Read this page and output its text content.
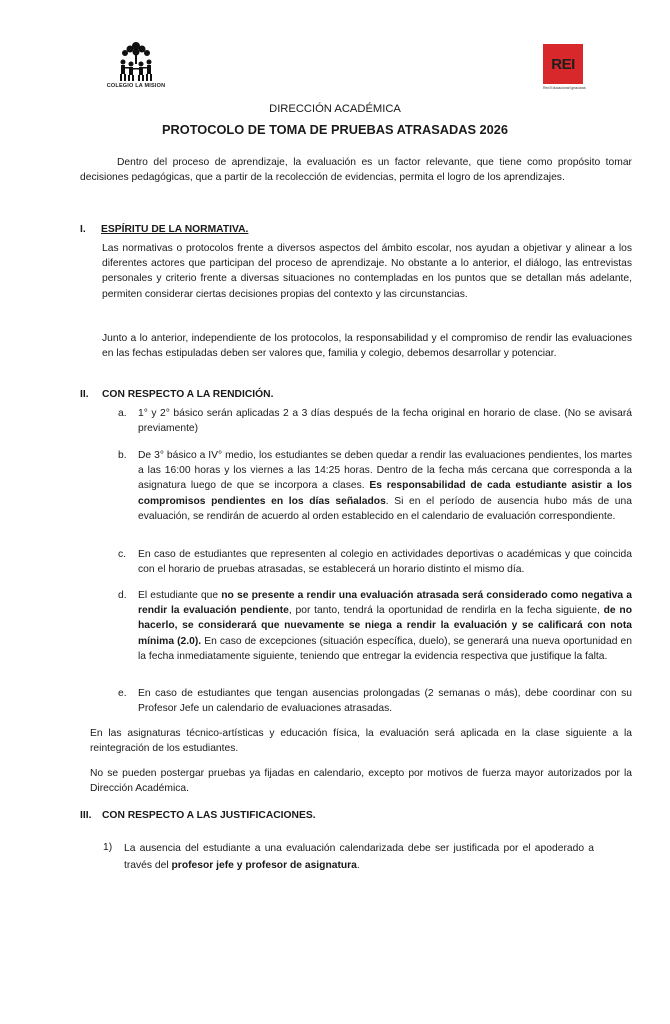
COLEGIO LA MISION
REI
Red Educacional Ignaciana
DIRECCIÓN ACADÉMICA
PROTOCOLO DE TOMA DE PRUEBAS ATRASADAS 2026

Dentro del proceso de aprendizaje, la evaluación es un factor relevante, que tiene como propósito tomar decisiones pedagógicas, que a partir de la recolección de evidencias, permita el logro de los aprendizajes.

I. ESPÍRITU DE LA NORMATIVA.

Las normativas o protocolos frente a diversos aspectos del ámbito escolar, nos ayudan a objetivar y alinear a los diferentes actores que participan del proceso de aprendizaje. No obstante a lo anterior, el diálogo, las entrevistas personales y criterio frente a diversas situaciones no contempladas en los puntos que se detallan más adelante, permiten considerar ciertas decisiones propias del contexto y las circunstancias.

Junto a lo anterior, independiente de los protocolos, la responsabilidad y el compromiso de rendir las evaluaciones en las fechas estipuladas deben ser valores que, familia y colegio, debemos desarrollar y potenciar.

II. CON RESPECTO A LA RENDICIÓN.
a. 1° y 2° básico serán aplicadas 2 a 3 días después de la fecha original en horario de clase. (No se avisará previamente)
b. De 3° básico a IV° medio, los estudiantes se deben quedar a rendir las evaluaciones pendientes, los martes a las 16:00 horas y los viernes a las 14:25 horas. Dentro de la fecha más cercana que corresponda a la asignatura luego de que se incorpora a clases. Es responsabilidad de cada estudiante asistir a los compromisos pendientes en los días señalados. Si en el período de ausencia hubo más de una evaluación, se rendirán de acuerdo al orden establecido en el calendario de evaluación correspondiente.
c. En caso de estudiantes que representen al colegio en actividades deportivas o académicas y que coincida con el horario de pruebas atrasadas, se establecerá un horario distinto el mismo día.
d. El estudiante que no se presente a rendir una evaluación atrasada será considerado como negativa a rendir la evaluación pendiente, por tanto, tendrá la oportunidad de rendirla en la fecha siguiente, de no hacerlo, se considerará que nuevamente se niega a rendir la evaluación y se calificará con nota mínima (2.0). En caso de excepciones (situación específica, duelo), se generará una nueva oportunidad en la fecha inmediatamente siguiente, teniendo que entregar la evidencia respectiva que justifique la falta.
e. En caso de estudiantes que tengan ausencias prolongadas (2 semanas o más), debe coordinar con su Profesor Jefe un calendario de evaluaciones atrasadas.

En las asignaturas técnico-artísticas y educación física, la evaluación será aplicada en la clase siguiente a la reintegración de los estudiantes.

No se pueden postergar pruebas ya fijadas en calendario, excepto por motivos de fuerza mayor autorizados por la Dirección Académica.

III. CON RESPECTO A LAS JUSTIFICACIONES.
1) La ausencia del estudiante a una evaluación calendarizada debe ser justificada por el apoderado a través del profesor jefe y profesor de asignatura.
